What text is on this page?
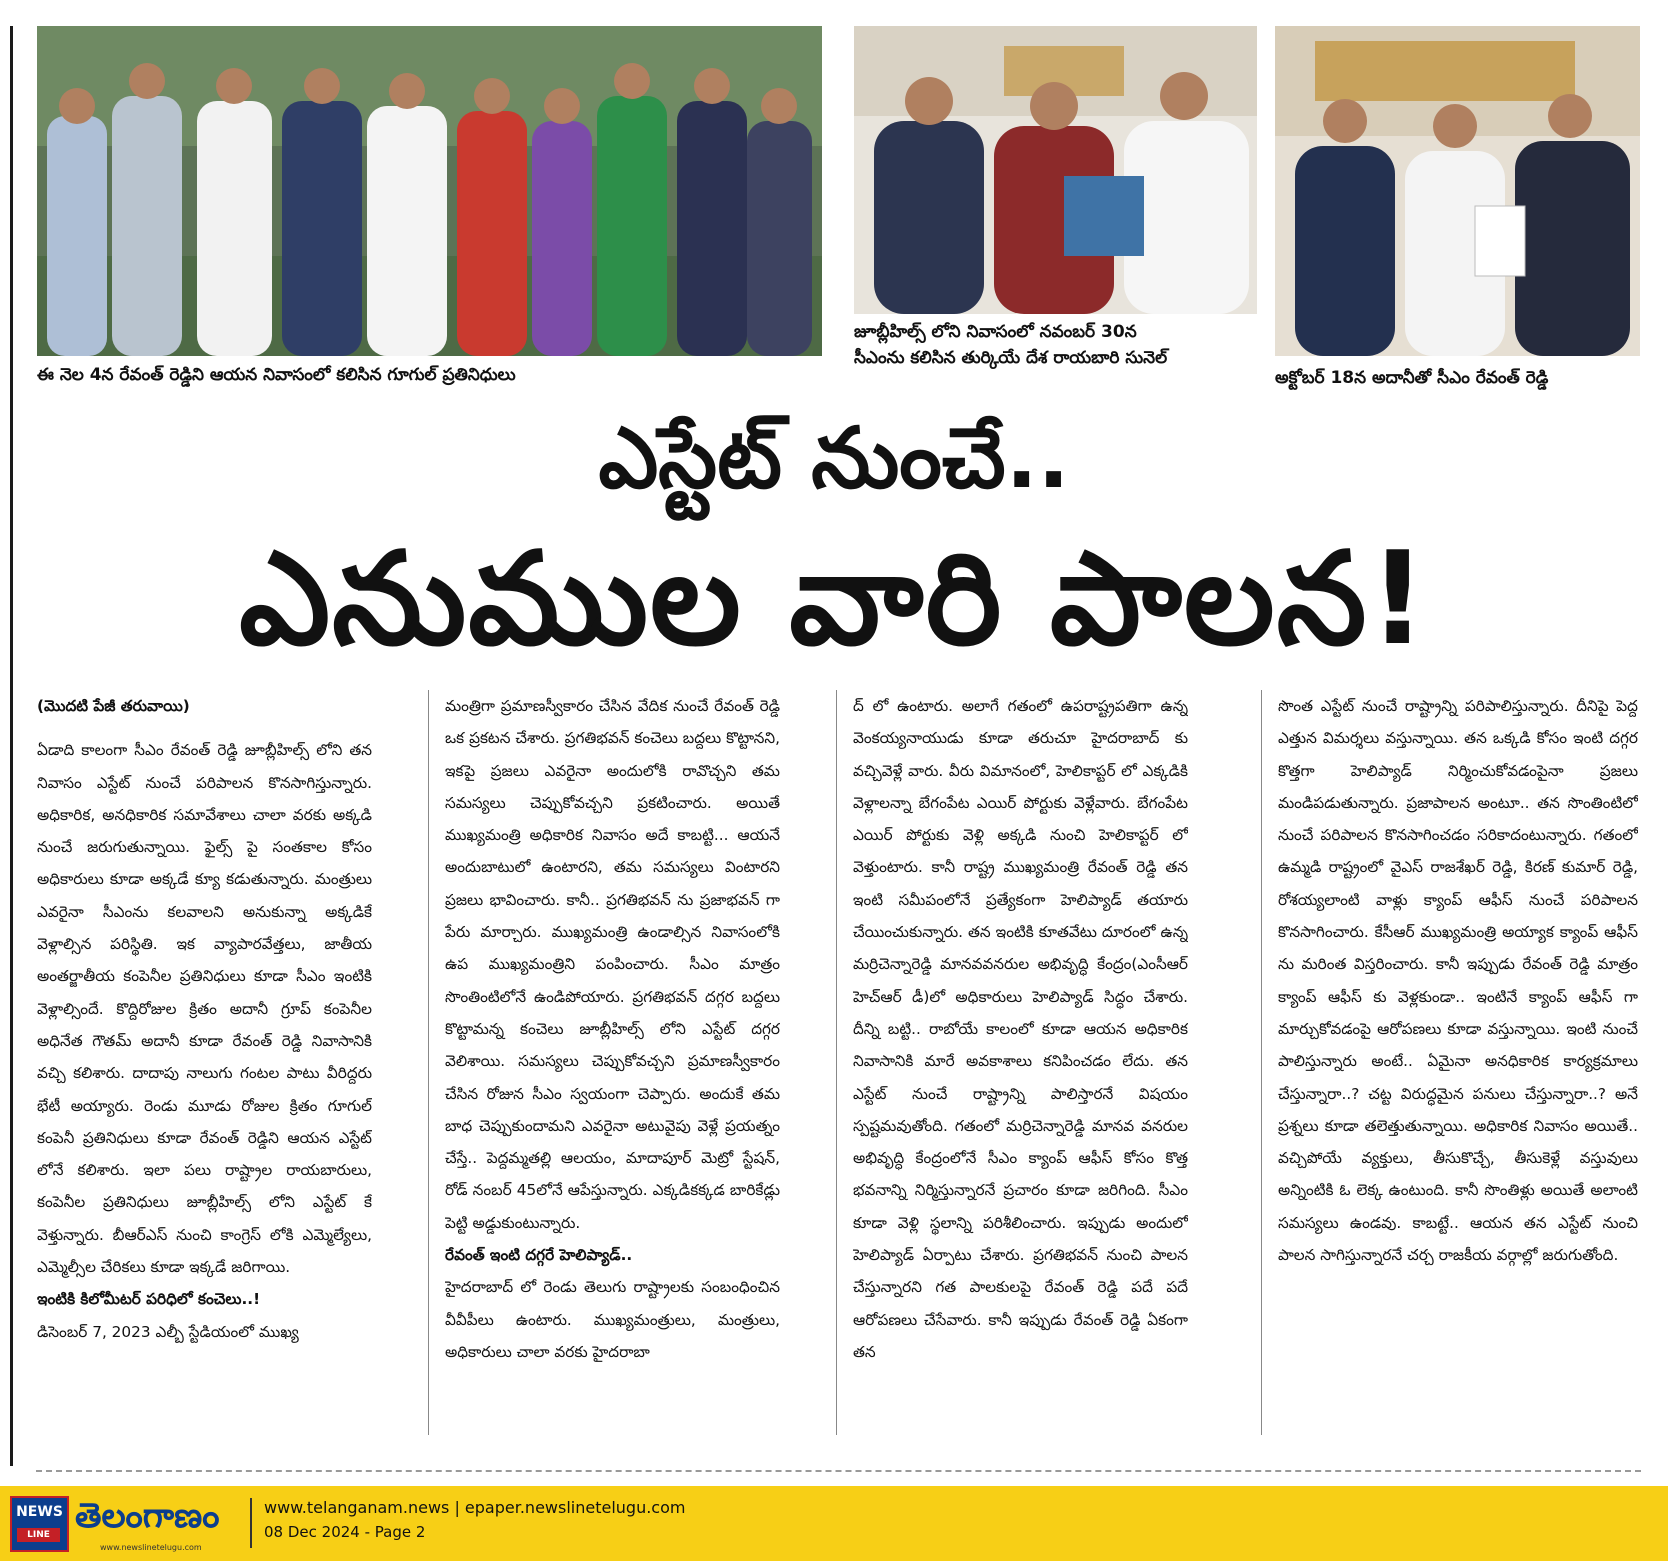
ఈ నెల 4న రేవంత్ రెడ్డిని ఆయన నివాసంలో కలిసిన గూగుల్ ప్రతినిధులు
జూబ్లీహిల్స్ లోని నివాసంలో నవంబర్ 30న
సీఎంను కలిసిన తుర్కియే దేశ రాయబారి సునెల్
అక్టోబర్ 18న అదానీతో సీఎం రేవంత్ రెడ్డి
ఎస్టేట్ నుంచే..
ఎనుముల వారి పాలన!

(మొదటి పేజీ తరువాయి)

ఏడాది కాలంగా సీఎం రేవంత్ రెడ్డి జూబ్లీహిల్స్ లోని తన నివాసం ఎస్టేట్ నుంచే పరిపాలన కొనసాగిస్తున్నారు. అధికారిక, అనధికారిక సమావేశాలు చాలా వరకు అక్కడి నుంచే జరుగుతున్నాయి. ఫైల్స్ పై సంతకాల కోసం అధికారులు కూడా అక్కడే క్యూ కడుతున్నారు. మంత్రులు ఎవరైనా సీఎంను కలవాలని అనుకున్నా అక్కడికే వెళ్లాల్సిన పరిస్థితి. ఇక వ్యాపారవేత్తలు, జాతీయ అంతర్జాతీయ కంపెనీల ప్రతినిధులు కూడా సీఎం ఇంటికి వెళ్లాల్సిందే. కొద్దిరోజుల క్రితం అదానీ గ్రూప్ కంపెనీల అధినేత గౌతమ్ అదానీ కూడా రేవంత్ రెడ్డి నివాసానికి వచ్చి కలిశారు. దాదాపు నాలుగు గంటల పాటు వీరిద్దరు భేటీ అయ్యారు. రెండు మూడు రోజుల క్రితం గూగుల్ కంపెనీ ప్రతినిధులు కూడా రేవంత్ రెడ్డిని ఆయన ఎస్టేట్ లోనే కలిశారు. ఇలా పలు రాష్ట్రాల రాయబారులు, కంపెనీల ప్రతినిధులు జూబ్లీహిల్స్ లోని ఎస్టేట్ కే వెళ్తున్నారు. బీఆర్ఎస్ నుంచి కాంగ్రెస్ లోకి ఎమ్మెల్యేలు, ఎమ్మెల్సీల చేరికలు కూడా ఇక్కడే జరిగాయి.

ఇంటికి కిలోమీటర్ పరిధిలో కంచెలు..!

డిసెంబర్ 7, 2023 ఎల్బీ స్టేడియంలో ముఖ్య

మంత్రిగా ప్రమాణస్వీకారం చేసిన వేదిక నుంచే రేవంత్ రెడ్డి ఒక ప్రకటన చేశారు. ప్రగతిభవన్ కంచెలు బద్దలు కొట్టానని, ఇకపై ప్రజలు ఎవరైనా అందులోకి రావొచ్చని తమ సమస్యలు చెప్పుకోవచ్చని ప్రకటించారు. అయితే ముఖ్యమంత్రి అధికారిక నివాసం అదే కాబట్టి... ఆయనే అందుబాటులో ఉంటారని, తమ సమస్యలు వింటారని ప్రజలు భావించారు. కానీ.. ప్రగతిభవన్ ను ప్రజాభవన్ గా పేరు మార్చారు. ముఖ్యమంత్రి ఉండాల్సిన నివాసంలోకి ఉప ముఖ్యమంత్రిని పంపించారు. సీఎం మాత్రం సొంతింటిలోనే ఉండిపోయారు. ప్రగతిభవన్ దగ్గర బద్దలు కొట్టామన్న కంచెలు జూబ్లీహిల్స్ లోని ఎస్టేట్ దగ్గర వెలిశాయి. సమస్యలు చెప్పుకోవచ్చని ప్రమాణస్వీకారం చేసిన రోజున సీఎం స్వయంగా చెప్పారు. అందుకే తమ బాధ చెప్పుకుందామని ఎవరైనా అటువైపు వెళ్లే ప్రయత్నం చేస్తే.. పెద్దమ్మతల్లి ఆలయం, మాదాపూర్ మెట్రో స్టేషన్, రోడ్ నంబర్ 45లోనే ఆపేస్తున్నారు. ఎక్కడికక్కడ బారికేడ్లు పెట్టి అడ్డుకుంటున్నారు.

రేవంత్ ఇంటి దగ్గరే హెలిప్యాడ్..

హైదరాబాద్ లో రెండు తెలుగు రాష్ట్రాలకు సంబంధించిన వీవీపీలు ఉంటారు. ముఖ్యమంత్రులు, మంత్రులు, అధికారులు చాలా వరకు హైదరాబా

ద్ లో ఉంటారు. అలాగే గతంలో ఉపరాష్ట్రపతిగా ఉన్న వెంకయ్యనాయుడు కూడా తరుచూ హైదరాబాద్ కు వచ్చివెళ్లే వారు. వీరు విమానంలో, హెలికాప్టర్ లో ఎక్కడికి వెళ్లాలన్నా బేగంపేట ఎయిర్ పోర్టుకు వెళ్లేవారు. బేగంపేట ఎయిర్ పోర్టుకు వెళ్లి అక్కడి నుంచి హెలికాప్టర్ లో వెళ్తుంటారు. కానీ రాష్ట్ర ముఖ్యమంత్రి రేవంత్ రెడ్డి తన ఇంటి సమీపంలోనే ప్రత్యేకంగా హెలిప్యాడ్ తయారు చేయించుకున్నారు. తన ఇంటికి కూతవేటు దూరంలో ఉన్న మర్రిచెన్నారెడ్డి మానవవనరుల అభివృద్ధి కేంద్రం(ఎంసీఆర్ హెచ్ఆర్ డీ)లో అధికారులు హెలిప్యాడ్ సిద్ధం చేశారు. దీన్ని బట్టి.. రాబోయే కాలంలో కూడా ఆయన అధికారిక నివాసానికి మారే అవకాశాలు కనిపించడం లేదు. తన ఎస్టేట్ నుంచే రాష్ట్రాన్ని పాలిస్తారనే విషయం స్పష్టమవుతోంది. గతంలో మర్రిచెన్నారెడ్డి మానవ వనరుల అభివృద్ధి కేంద్రంలోనే సీఎం క్యాంప్ ఆఫీస్ కోసం కొత్త భవనాన్ని నిర్మిస్తున్నారనే ప్రచారం కూడా జరిగింది. సీఎం కూడా వెళ్లి స్థలాన్ని పరిశీలించారు. ఇప్పుడు అందులో హెలిప్యాడ్ ఏర్పాటు చేశారు. ప్రగతిభవన్ నుంచి పాలన చేస్తున్నారని గత పాలకులపై రేవంత్ రెడ్డి పదే పదే ఆరోపణలు చేసేవారు. కానీ ఇప్పుడు రేవంత్ రెడ్డి ఏకంగా తన

సొంత ఎస్టేట్ నుంచే రాష్ట్రాన్ని పరిపాలిస్తున్నారు. దీనిపై పెద్ద ఎత్తున విమర్శలు వస్తున్నాయి. తన ఒక్కడి కోసం ఇంటి దగ్గర కొత్తగా హెలిప్యాడ్ నిర్మించుకోవడంపైనా ప్రజలు మండిపడుతున్నారు. ప్రజాపాలన అంటూ.. తన సొంతింటిలో నుంచే పరిపాలన కొనసాగించడం సరికాదంటున్నారు. గతంలో ఉమ్మడి రాష్ట్రంలో వైఎస్ రాజశేఖర్ రెడ్డి, కిరణ్ కుమార్ రెడ్డి, రోశయ్యలాంటి వాళ్లు క్యాంప్ ఆఫీస్ నుంచే పరిపాలన కొనసాగించారు. కేసీఆర్ ముఖ్యమంత్రి అయ్యాక క్యాంప్ ఆఫీస్ ను మరింత విస్తరించారు. కానీ ఇప్పుడు రేవంత్ రెడ్డి మాత్రం క్యాంప్ ఆఫీస్ కు వెళ్లకుండా.. ఇంటినే క్యాంప్ ఆఫీస్ గా మార్చుకోవడంపై ఆరోపణలు కూడా వస్తున్నాయి. ఇంటి నుంచే పాలిస్తున్నారు అంటే.. ఏమైనా అనధికారిక కార్యక్రమాలు చేస్తున్నారా..? చట్ట విరుద్ధమైన పనులు చేస్తున్నారా..? అనే ప్రశ్నలు కూడా తలెత్తుతున్నాయి. అధికారిక నివాసం అయితే.. వచ్చిపోయే వ్యక్తులు, తీసుకొచ్చే, తీసుకెళ్లే వస్తువులు అన్నింటికి ఓ లెక్క ఉంటుంది. కానీ సొంతిళ్లు అయితే అలాంటి సమస్యలు ఉండవు. కాబట్టే.. ఆయన తన ఎస్టేట్ నుంచి పాలన సాగిస్తున్నారనే చర్చ రాజకీయ వర్గాల్లో జరుగుతోంది.

NEWS
LINE తెలంగాణం
www.newslinetelugu.com
www.telanganam.news | epaper.newslinetelugu.com
08 Dec 2024 - Page 2
